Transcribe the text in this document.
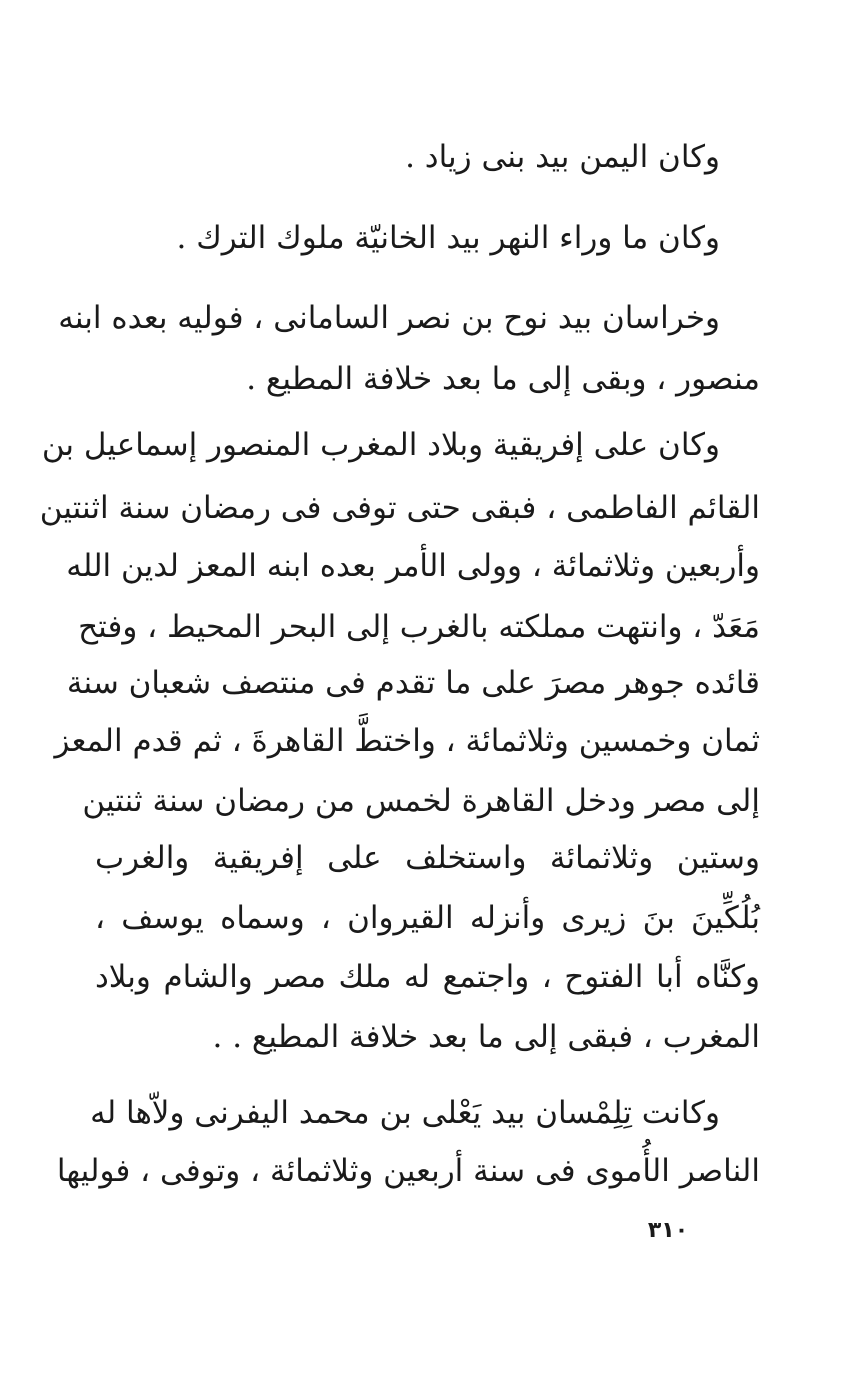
وكان اليمن بيد بنى زياد .
وكان ما وراء النهر بيد الخانيّة ملوك الترك .
وخراسان بيد نوح بن نصر السامانى ، فوليه بعده ابنه
منصور ، وبقى إلى ما بعد خلافة المطيع .
وكان على إفريقية وبلاد المغرب المنصور إسماعيل بن
القائم الفاطمى ، فبقى حتى توفى فى رمضان سنة اثنتين
وأربعين وثلاثمائة ، وولى الأمر بعده ابنه المعز لدين الله
مَعَدّ ، وانتهت مملكته بالغرب إلى البحر المحيط ، وفتح
قائده جوهر مصرَ على ما تقدم فى منتصف شعبان سنة
ثمان وخمسين وثلاثمائة ، واختطَّ القاهرةَ ، ثم قدم المعز
إلى مصر ودخل القاهرة لخمس من رمضان سنة ثنتين
وستين وثلاثمائة واستخلف على إفريقية والغرب
بُلُكِّينَ بنَ زيرى وأنزله القيروان ، وسماه يوسف ،
وكنَّاه أبا الفتوح ، واجتمع له ملك مصر والشام وبلاد
المغرب ، فبقى إلى ما بعد خلافة المطيع . .
وكانت تِلِمْسان بيد يَعْلى بن محمد اليفرنى ولاّها له
الناصر الأُموى فى سنة أربعين وثلاثمائة ، وتوفى ، فوليها
٣١٠
